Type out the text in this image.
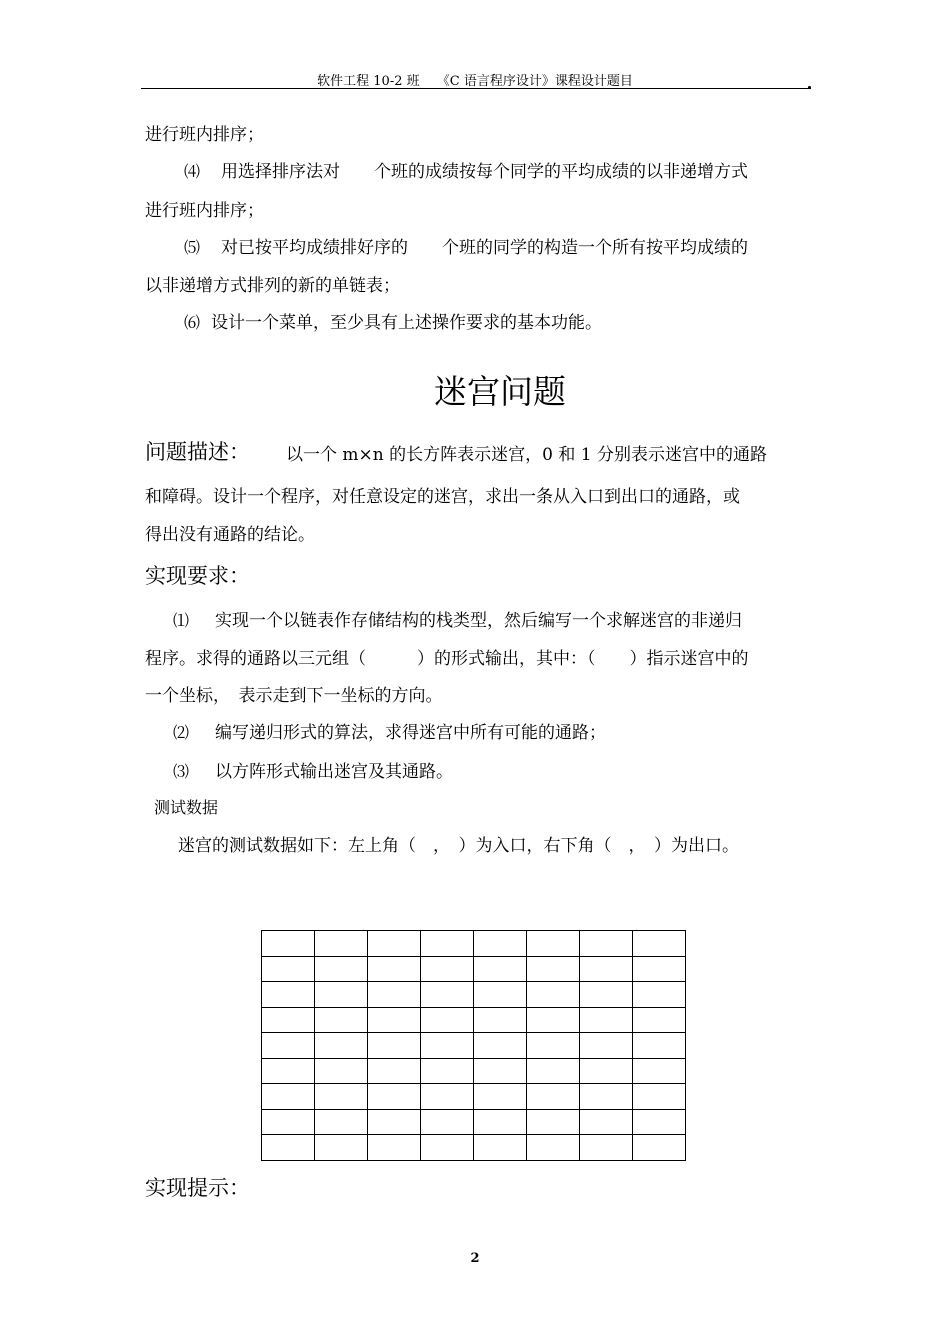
软件工程 10-2 班　 《C 语言程序设计》课程设计题目
进行班内排序；
⑷ 用选择排序法对　　个班的成绩按每个同学的平均成绩的以非递增方式
进行班内排序；
⑸ 对已按平均成绩排好序的　　个班的同学的构造一个所有按平均成绩的
以非递增方式排列的新的单链表；
⑹ 设计一个菜单，至少具有上述操作要求的基本功能。
迷宫问题
问题描述： 以一个 m×n 的长方阵表示迷宫，0 和 1 分别表示迷宫中的通路
和障碍。设计一个程序，对任意设定的迷宫，求出一条从入口到出口的通路，或
得出没有通路的结论。
实现要求：
⑴ 实现一个以链表作存储结构的栈类型，然后编写一个求解迷宫的非递归
程序。求得的通路以三元组（　　　）的形式输出，其中：（　　）指示迷宫中的
一个坐标，　表示走到下一坐标的方向。
⑵ 编写递归形式的算法，求得迷宫中所有可能的通路；
⑶ 以方阵形式输出迷宫及其通路。
测试数据
迷宫的测试数据如下：左上角（　，　）为入口，右下角（　，　）为出口。

实现提示：
2
